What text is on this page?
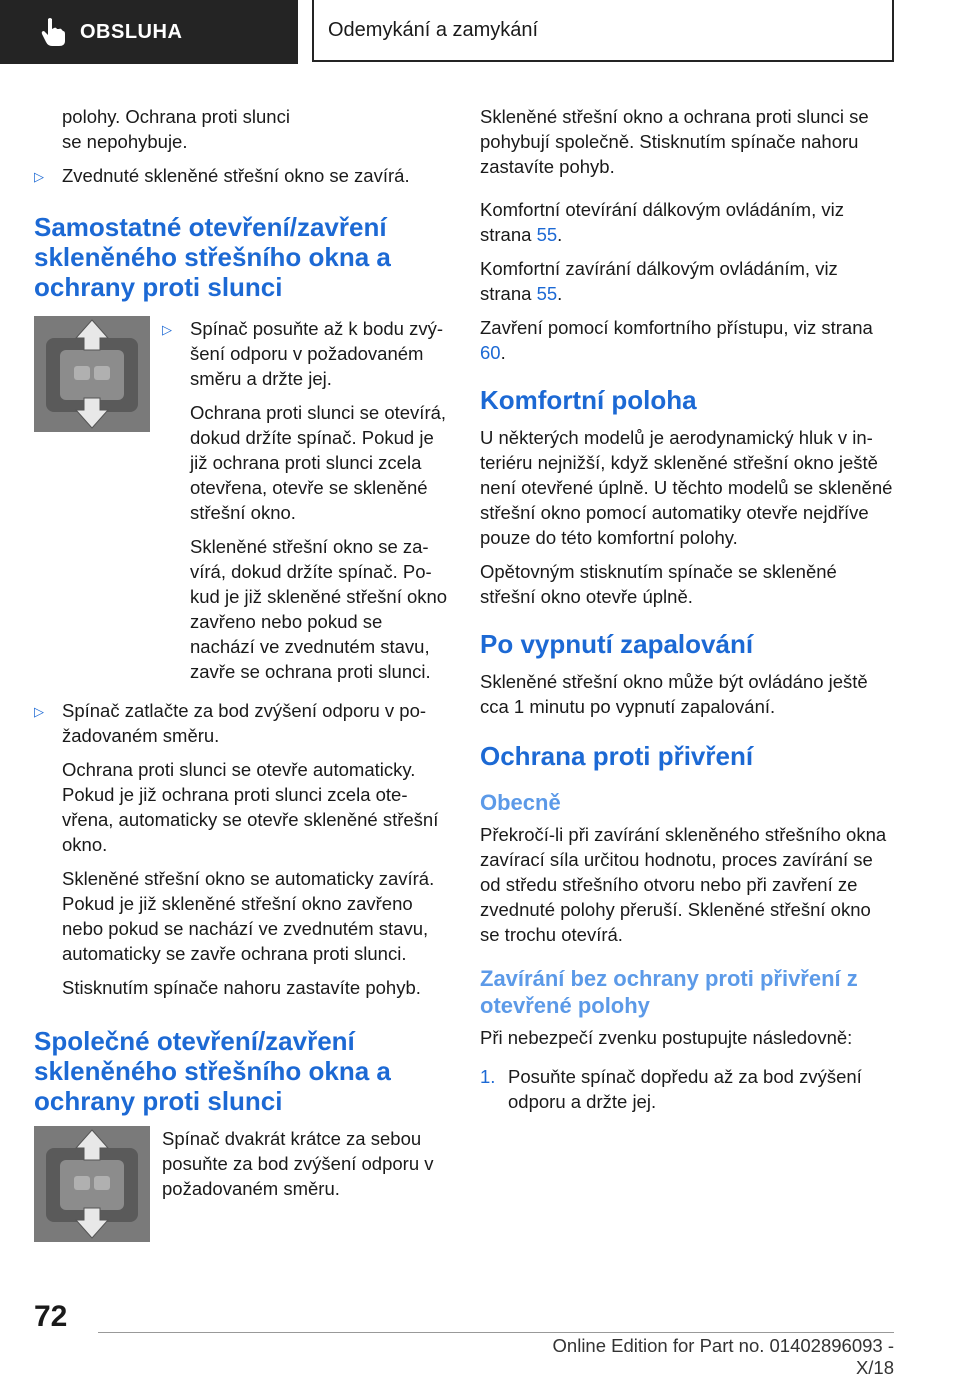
OBSLUHA	Odemykání a zamykání

polohy. Ochrana proti slunci se nepohybuje.

▷ Zvednuté skleněné střešní okno se zavírá.

Samostatné otevření/zavření skleněného střešního okna a ochrany proti slunci
▷ Spínač posuňte až k bodu zvýšení odporu v požadovaném směru a držte jej.

Ochrana proti slunci se otevírá, dokud držíte spínač. Pokud je již ochrana proti slunci zcela otevřena, otevře se skleněné střešní okno.

Skleněné střešní okno se zavírá, dokud držíte spínač. Pokud je již skleněné střešní okno zavřeno nebo pokud se nachází ve zvednutém stavu, zavře se ochrana proti slunci.

▷ Spínač zatlačte za bod zvýšení odporu v požadovaném směru.

Ochrana proti slunci se otevře automaticky. Pokud je již ochrana proti slunci zcela otevřena, automaticky se otevře skleněné střešní okno.

Skleněné střešní okno se automaticky zavírá. Pokud je již skleněné střešní okno zavřeno nebo pokud se nachází ve zvednutém stavu, automaticky se zavře ochrana proti slunci.

Stisknutím spínače nahoru zastavíte pohyb.

Společné otevření/zavření skleněného střešního okna a ochrany proti slunci

Spínač dvakrát krátce za sebou posuňte za bod zvýšení odporu v požadovaném směru.

Skleněné střešní okno a ochrana proti slunci se pohybují společně. Stisknutím spínače nahoru zastavíte pohyb.

Komfortní otevírání dálkovým ovládáním, viz strana 55.

Komfortní zavírání dálkovým ovládáním, viz strana 55.

Zavření pomocí komfortního přístupu, viz strana 60.

Komfortní poloha

U některých modelů je aerodynamický hluk v interiéru nejnižší, když skleněné střešní okno ještě není otevřené úplně. U těchto modelů se skleněné střešní okno pomocí automatiky otevře nejdříve pouze do této komfortní polohy.

Opětovným stisknutím spínače se skleněné střešní okno otevře úplně.

Po vypnutí zapalování

Skleněné střešní okno může být ovládáno ještě cca 1 minutu po vypnutí zapalování.

Ochrana proti přivření
Obecně

Překročí-li při zavírání skleněného střešního okna zavírací síla určitou hodnotu, proces zavírání se od středu střešního otvoru nebo při zavření ze zvednuté polohy přeruší. Skleněné střešní okno se trochu otevírá.

Zavírání bez ochrany proti přivření z otevřené polohy

Při nebezpečí zvenku postupujte následovně:

1. Posuňte spínač dopředu až za bod zvýšení odporu a držte jej.

72
Online Edition for Part no. 01402896093 - X/18
